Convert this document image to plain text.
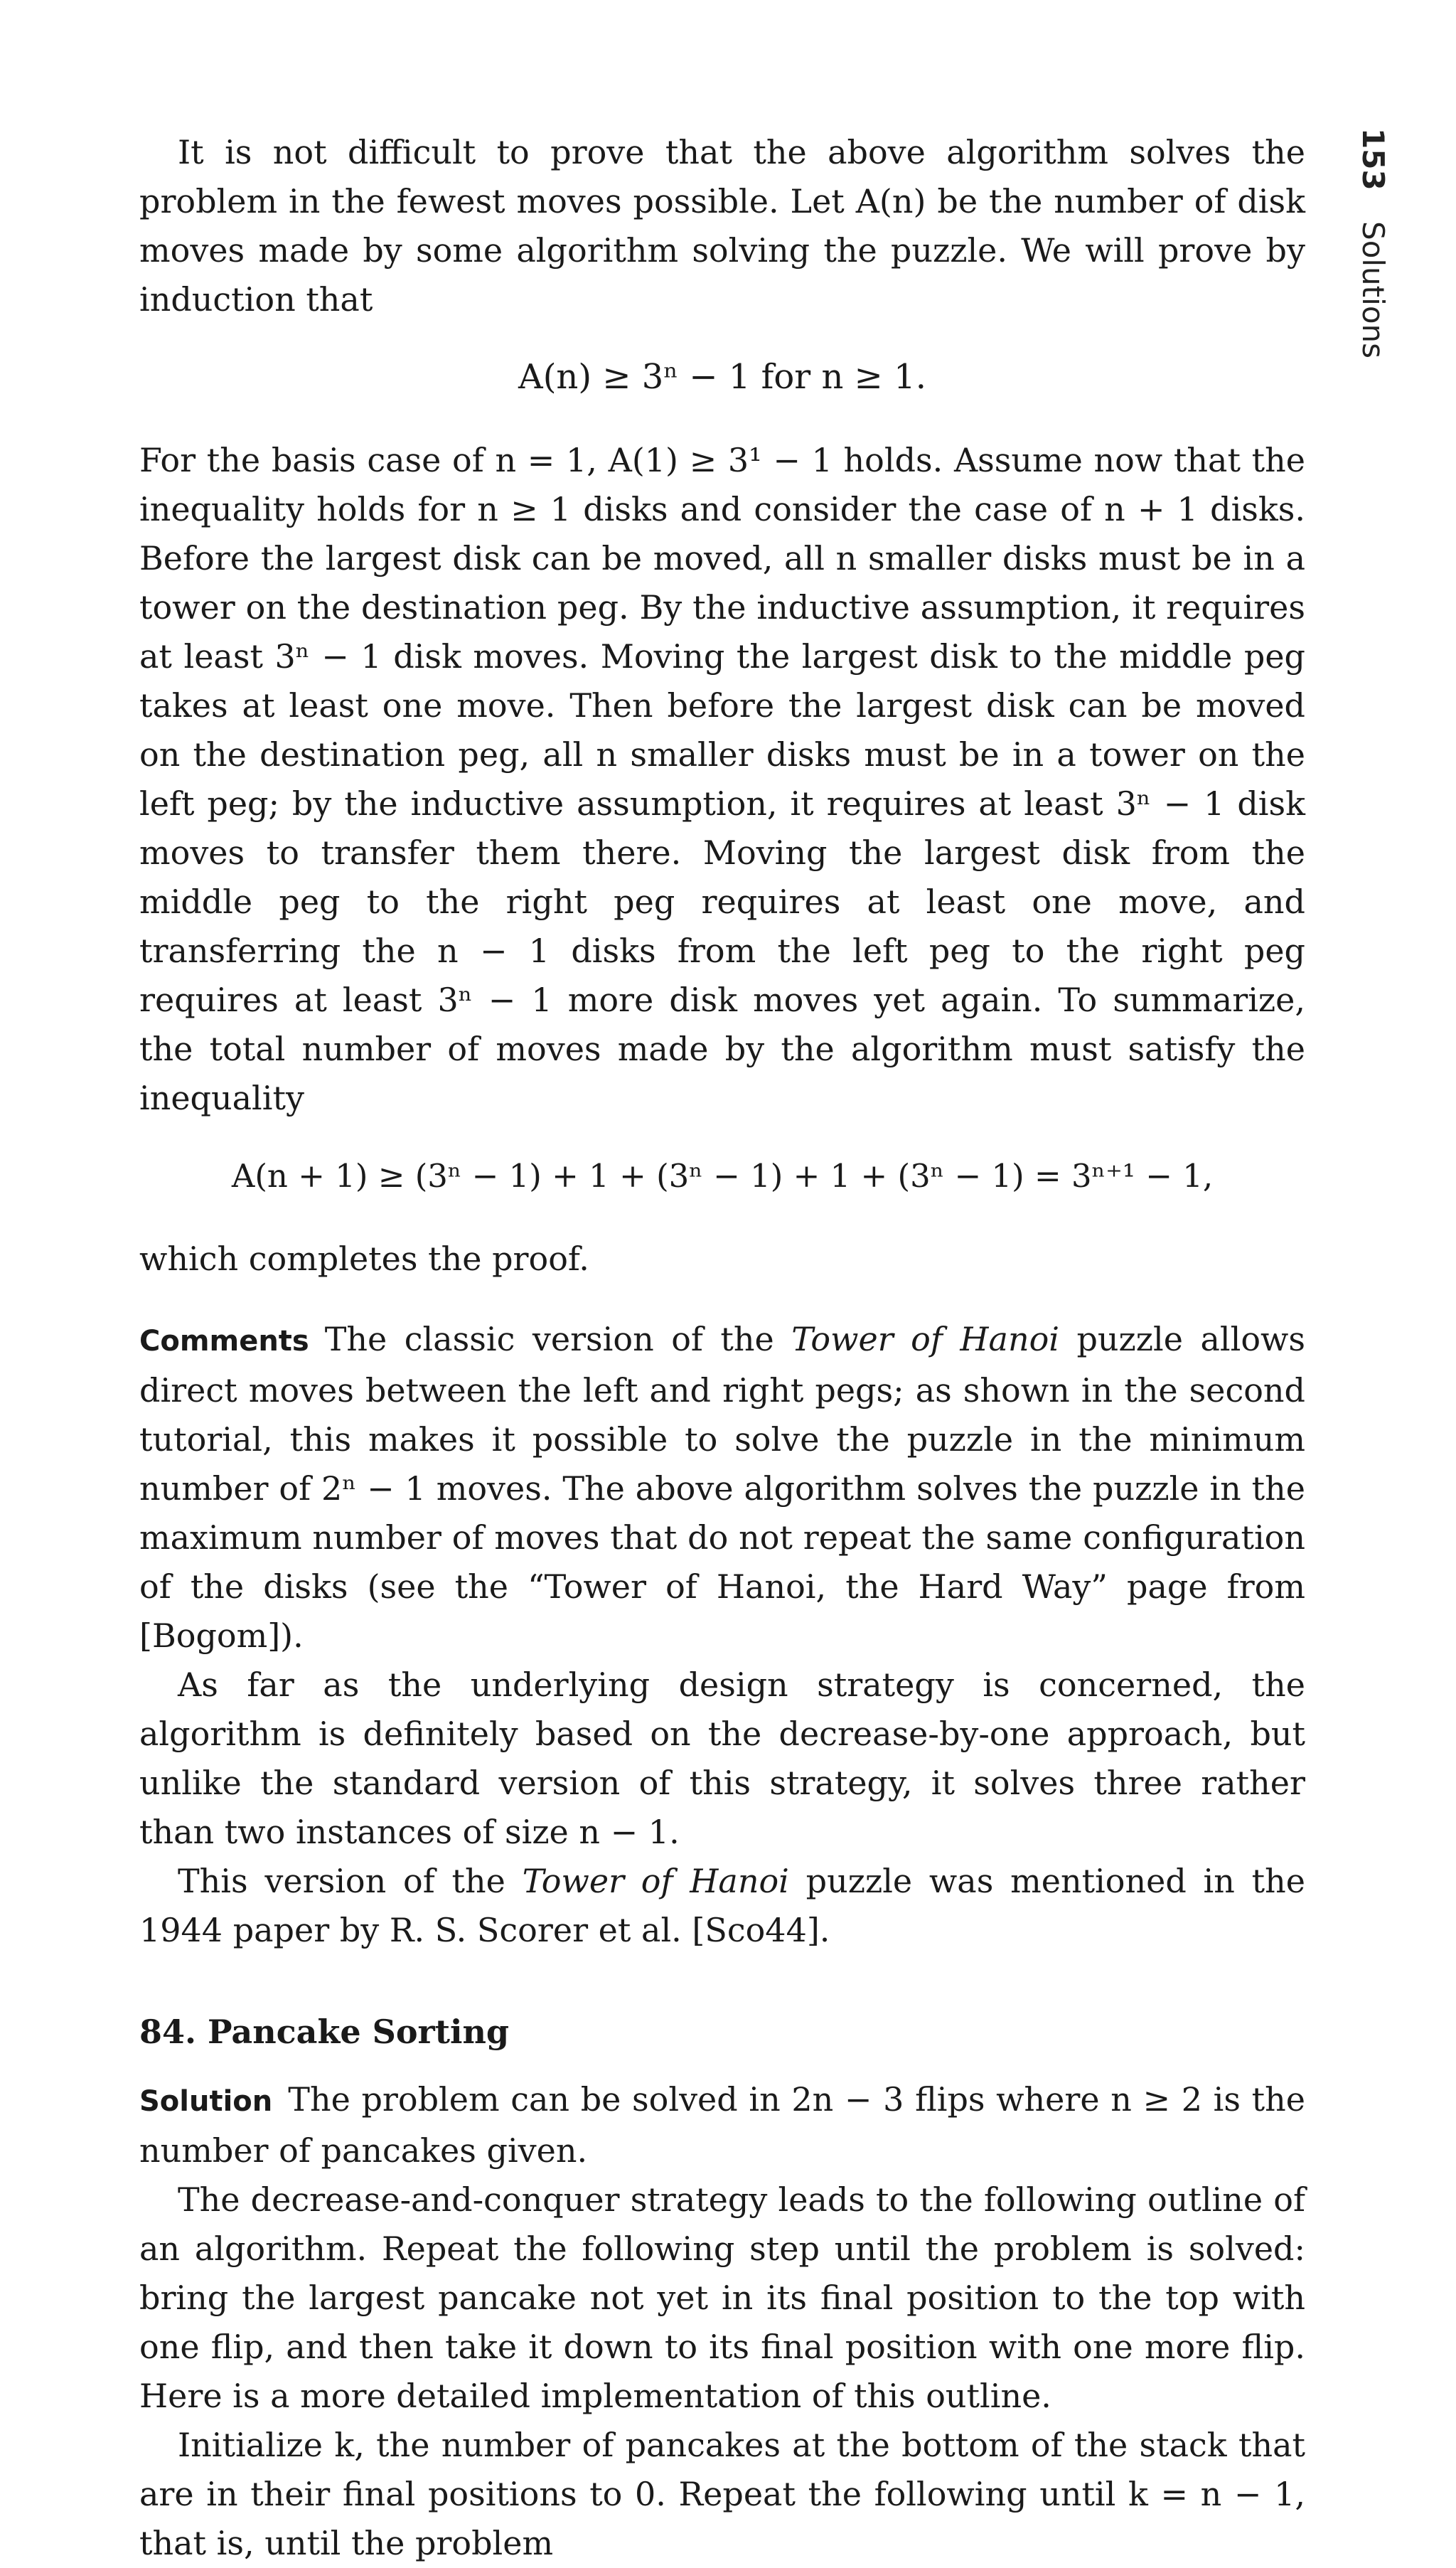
153 Solutions

It is not difficult to prove that the above algorithm solves the problem in the fewest moves possible. Let A(n) be the number of disk moves made by some algorithm solving the puzzle. We will prove by induction that

A(n) ≥ 3ⁿ − 1 for n ≥ 1.

For the basis case of n = 1, A(1) ≥ 3¹ − 1 holds. Assume now that the inequality holds for n ≥ 1 disks and consider the case of n + 1 disks. Before the largest disk can be moved, all n smaller disks must be in a tower on the destination peg. By the inductive assumption, it requires at least 3ⁿ − 1 disk moves. Moving the largest disk to the middle peg takes at least one move. Then before the largest disk can be moved on the destination peg, all n smaller disks must be in a tower on the left peg; by the inductive assumption, it requires at least 3ⁿ − 1 disk moves to transfer them there. Moving the largest disk from the middle peg to the right peg requires at least one move, and transferring the n − 1 disks from the left peg to the right peg requires at least 3ⁿ − 1 more disk moves yet again. To summarize, the total number of moves made by the algorithm must satisfy the inequality

A(n + 1) ≥ (3ⁿ − 1) + 1 + (3ⁿ − 1) + 1 + (3ⁿ − 1) = 3ⁿ⁺¹ − 1,

which completes the proof.

Comments The classic version of the Tower of Hanoi puzzle allows direct moves between the left and right pegs; as shown in the second tutorial, this makes it possible to solve the puzzle in the minimum number of 2ⁿ − 1 moves. The above algorithm solves the puzzle in the maximum number of moves that do not repeat the same configuration of the disks (see the “Tower of Hanoi, the Hard Way” page from [Bogom]).

As far as the underlying design strategy is concerned, the algorithm is definitely based on the decrease-by-one approach, but unlike the standard version of this strategy, it solves three rather than two instances of size n − 1.

This version of the Tower of Hanoi puzzle was mentioned in the 1944 paper by R. S. Scorer et al. [Sco44].

84. Pancake Sorting

Solution The problem can be solved in 2n − 3 flips where n ≥ 2 is the number of pancakes given.

The decrease-and-conquer strategy leads to the following outline of an algorithm. Repeat the following step until the problem is solved: bring the largest pancake not yet in its final position to the top with one flip, and then take it down to its final position with one more flip. Here is a more detailed implementation of this outline.

Initialize k, the number of pancakes at the bottom of the stack that are in their final positions to 0. Repeat the following until k = n − 1, that is, until the problem
